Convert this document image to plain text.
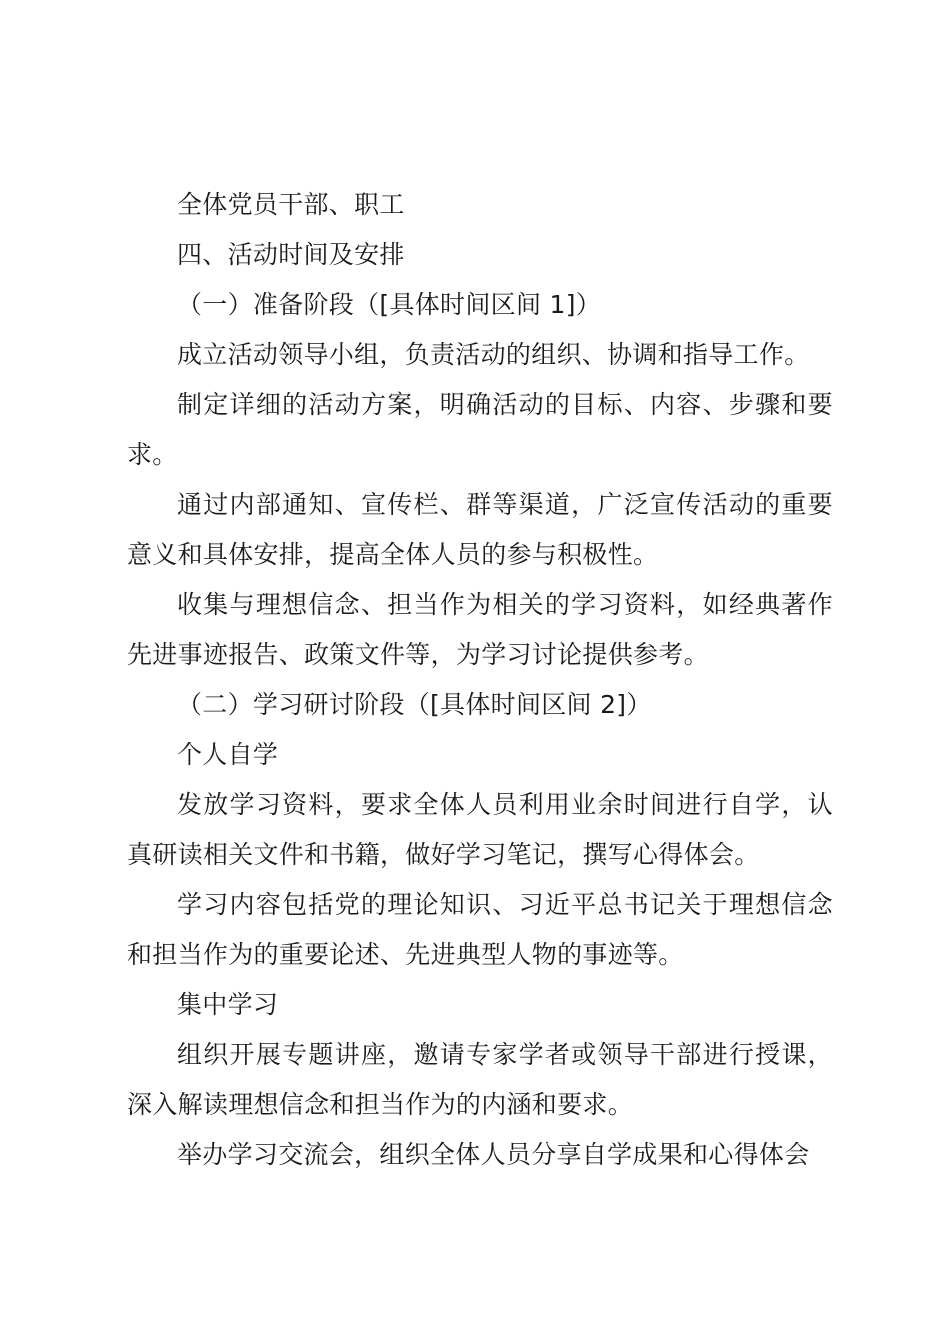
全体党员干部、职工

四、活动时间及安排

（一）准备阶段（[具体时间区间 1]）

成立活动领导小组，负责活动的组织、协调和指导工作。

制定详细的活动方案，明确活动的目标、内容、步骤和要求。

通过内部通知、宣传栏、群等渠道，广泛宣传活动的重要意义和具体安排，提高全体人员的参与积极性。

收集与理想信念、担当作为相关的学习资料，如经典著作先进事迹报告、政策文件等，为学习讨论提供参考。

（二）学习研讨阶段（[具体时间区间 2]）

个人自学

发放学习资料，要求全体人员利用业余时间进行自学，认真研读相关文件和书籍，做好学习笔记，撰写心得体会。

学习内容包括党的理论知识、习近平总书记关于理想信念和担当作为的重要论述、先进典型人物的事迹等。

集中学习

组织开展专题讲座，邀请专家学者或领导干部进行授课，深入解读理想信念和担当作为的内涵和要求。

举办学习交流会，组织全体人员分享自学成果和心得体会
